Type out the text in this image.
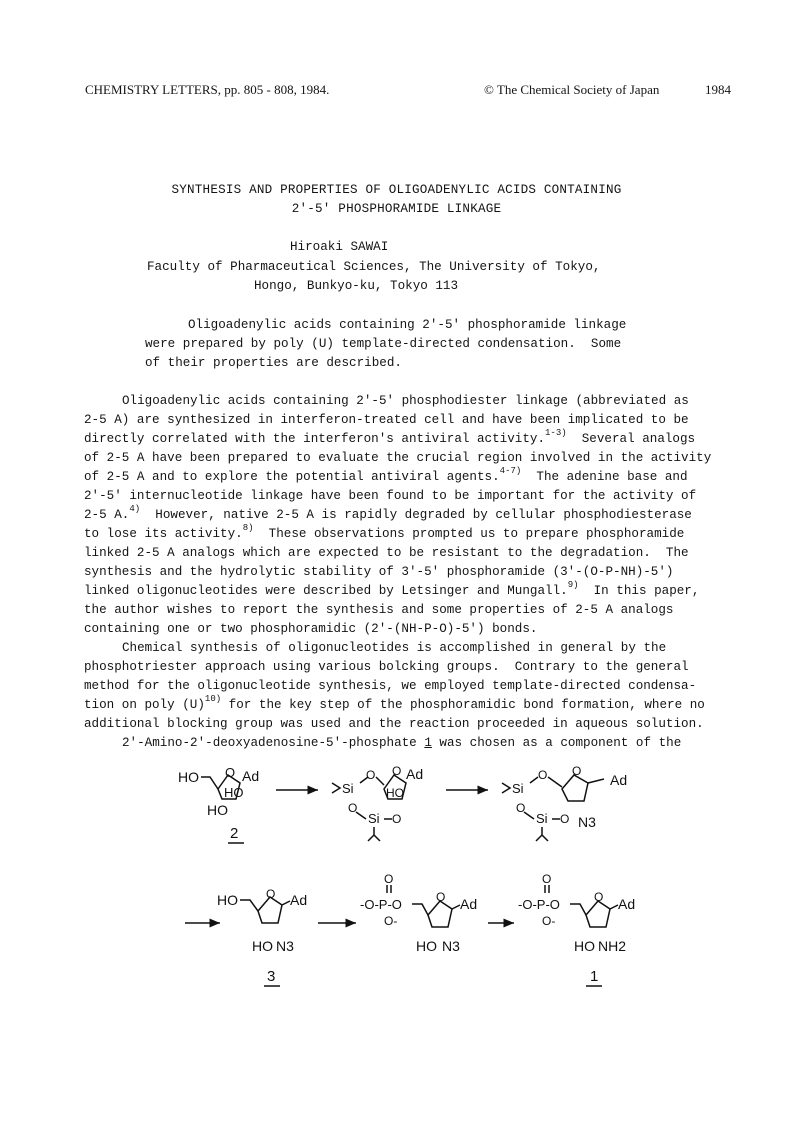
CHEMISTRY LETTERS, pp. 805 - 808, 1984.	© The Chemical Society of Japan	1984
SYNTHESIS AND PROPERTIES OF OLIGOADENYLIC ACIDS CONTAINING
2'-5' PHOSPHORAMIDE LINKAGE
Hiroaki SAWAI
Faculty of Pharmaceutical Sciences, The University of Tokyo,
Hongo, Bunkyo-ku, Tokyo 113
Oligoadenylic acids containing 2'-5' phosphoramide linkage
were prepared by poly (U) template-directed condensation.  Some
of their properties are described.
Oligoadenylic acids containing 2'-5' phosphodiester linkage (abbreviated as
2-5 A) are synthesized in interferon-treated cell and have been implicated to be
directly correlated with the interferon's antiviral activity.$^{1-3)}$  Several analogs
of 2-5 A have been prepared to evaluate the crucial region involved in the activity
of 2-5 A and to explore the potential antiviral agents.$^{4-7)}$  The adenine base and
2'-5' internucleotide linkage have been found to be important for the activity of
2-5 A.$^{4)}$  However, native 2-5 A is rapidly degraded by cellular phosphodiesterase
to lose its activity.$^{8)}$  These observations prompted us to prepare phosphoramide
linked 2-5 A analogs which are expected to be resistant to the degradation.  The
synthesis and the hydrolytic stability of 3'-5' phosphoramide (3'-(O-P-NH)-5')
linked oligonucleotides were described by Letsinger and Mungall.$^{9)}$  In this paper,
the author wishes to report the synthesis and some properties of 2-5 A analogs
containing one or two phosphoramidic (2'-(NH-P-O)-5') bonds.
Chemical synthesis of oligonucleotides is accomplished in general by the
phosphotriester approach using various bolcking groups.  Contrary to the general
method for the oligonucleotide synthesis, we employed template-directed condensa-
tion on poly $(U)^{10)}$ for the key step of the phosphoramidic bond formation, where no
additional blocking group was used and the reaction proceeded in aqueous solution.
2'-Amino-2'-deoxyadenosine-5'-phosphate 1 was chosen as a component of the
HO O Ad
HO
HO
2
Si
O O Ad
HO
O
Si O
Si
O O
Ad
O
Si O N3
HO O Ad
HO N3
3
O
-O-P-O
O-
O Ad
HO N3
O
-O-P-O
O-
O Ad
HO NH2
1
